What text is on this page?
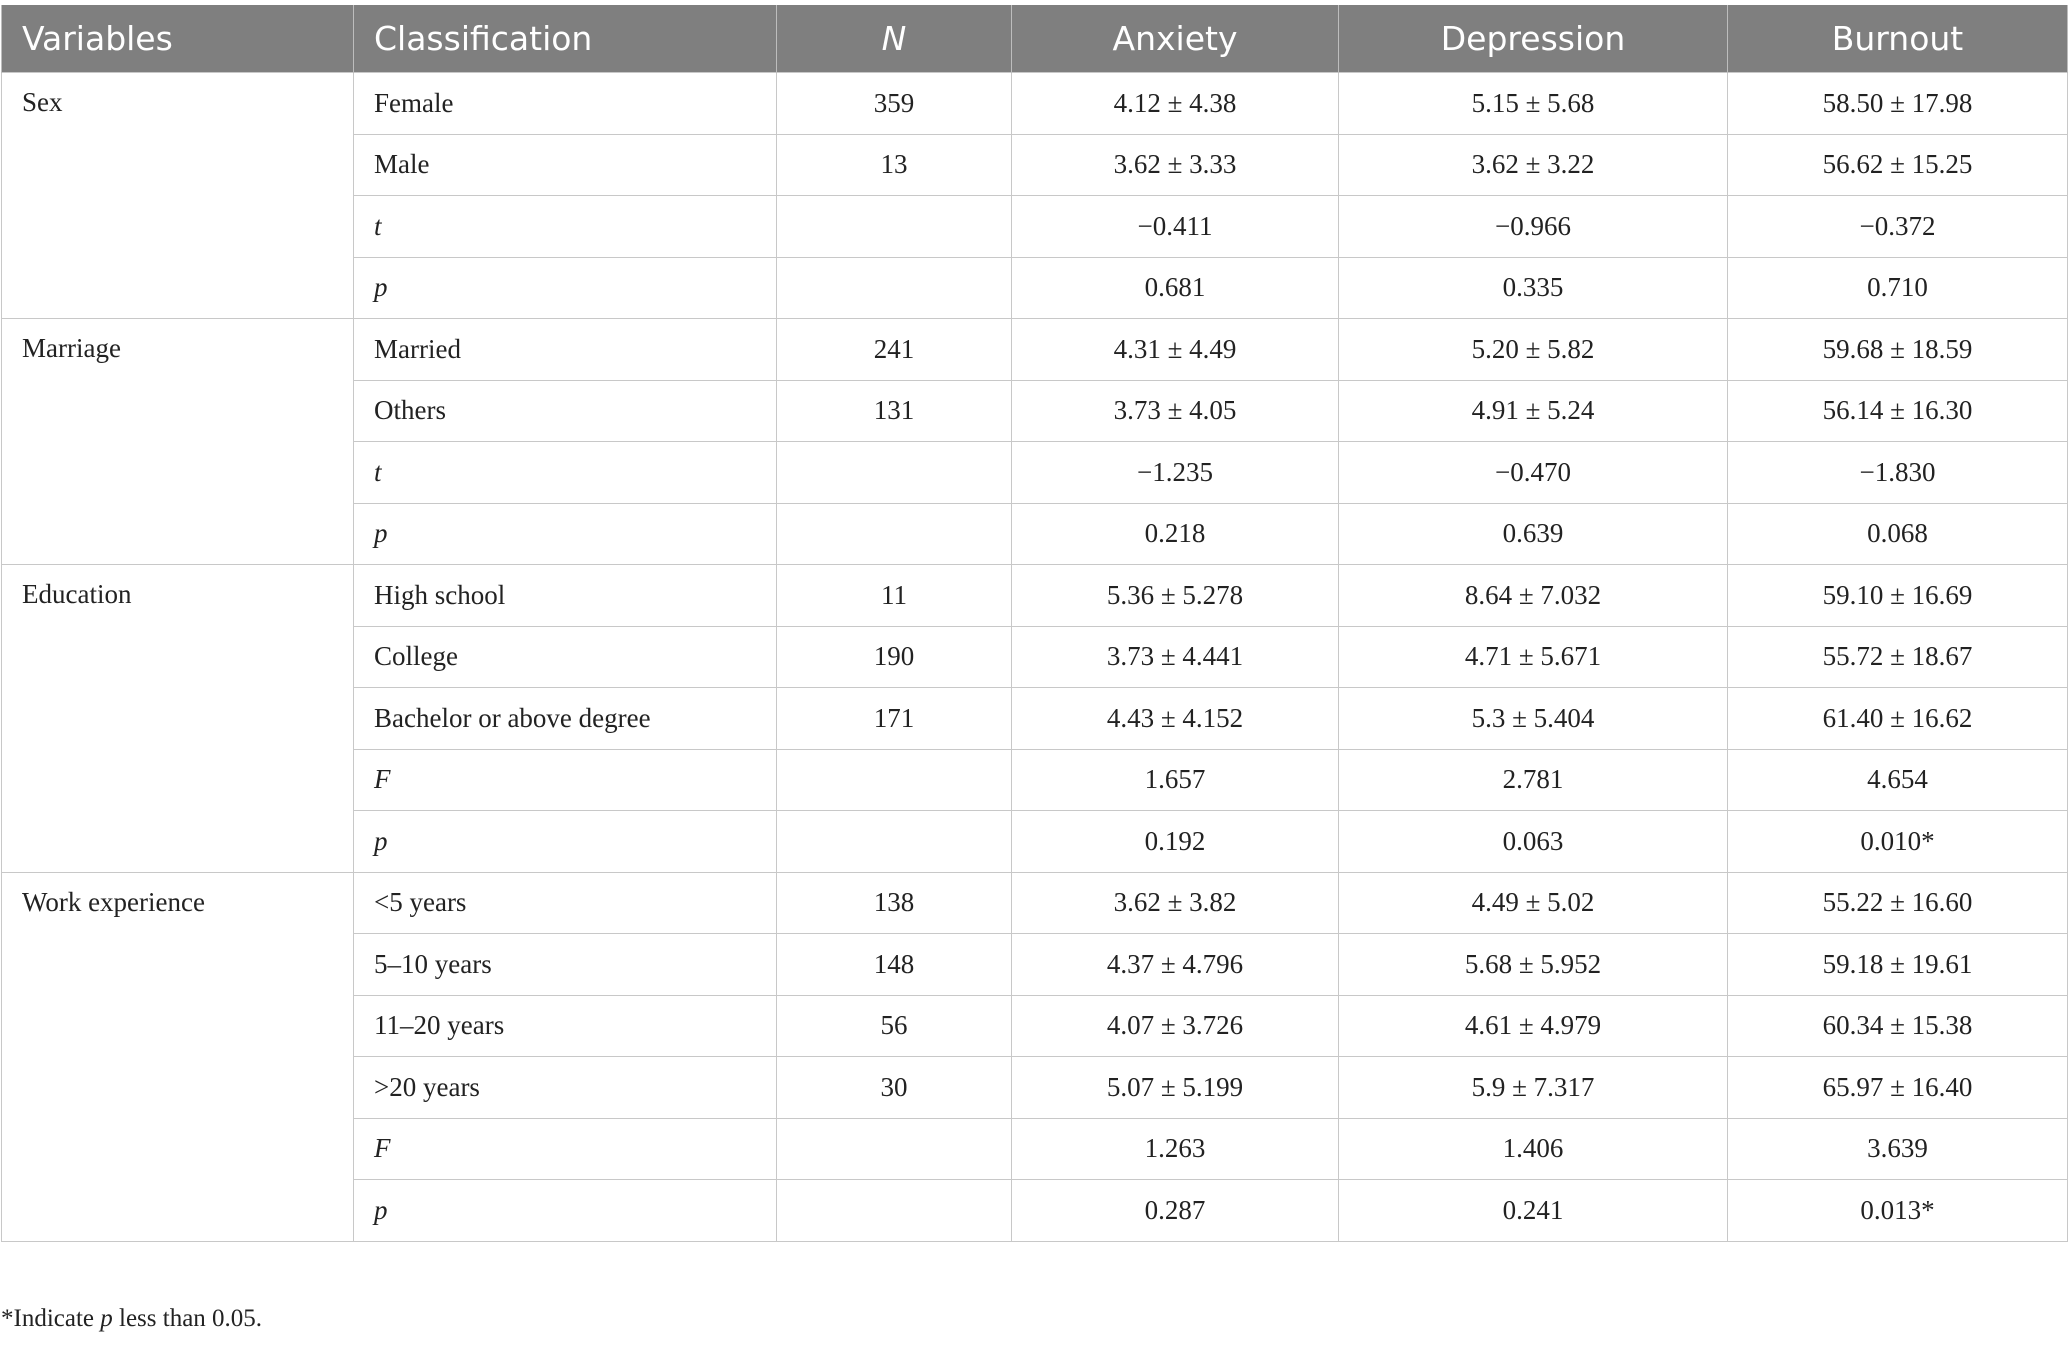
Variables	Classification	N	Anxiety	Depression	Burnout
Sex	Female	359	4.12 ± 4.38	5.15 ± 5.68	58.50 ± 17.98
	Male	13	3.62 ± 3.33	3.62 ± 3.22	56.62 ± 15.25
	t		−0.411	−0.966	−0.372
	p		0.681	0.335	0.710
Marriage	Married	241	4.31 ± 4.49	5.20 ± 5.82	59.68 ± 18.59
	Others	131	3.73 ± 4.05	4.91 ± 5.24	56.14 ± 16.30
	t		−1.235	−0.470	−1.830
	p		0.218	0.639	0.068
Education	High school	11	5.36 ± 5.278	8.64 ± 7.032	59.10 ± 16.69
	College	190	3.73 ± 4.441	4.71 ± 5.671	55.72 ± 18.67
	Bachelor or above degree	171	4.43 ± 4.152	5.3 ± 5.404	61.40 ± 16.62
	F		1.657	2.781	4.654
	p		0.192	0.063	0.010*
Work experience	<5 years	138	3.62 ± 3.82	4.49 ± 5.02	55.22 ± 16.60
	5–10 years	148	4.37 ± 4.796	5.68 ± 5.952	59.18 ± 19.61
	11–20 years	56	4.07 ± 3.726	4.61 ± 4.979	60.34 ± 15.38
	>20 years	30	5.07 ± 5.199	5.9 ± 7.317	65.97 ± 16.40
	F		1.263	1.406	3.639
	p		0.287	0.241	0.013*
*Indicate p less than 0.05.
